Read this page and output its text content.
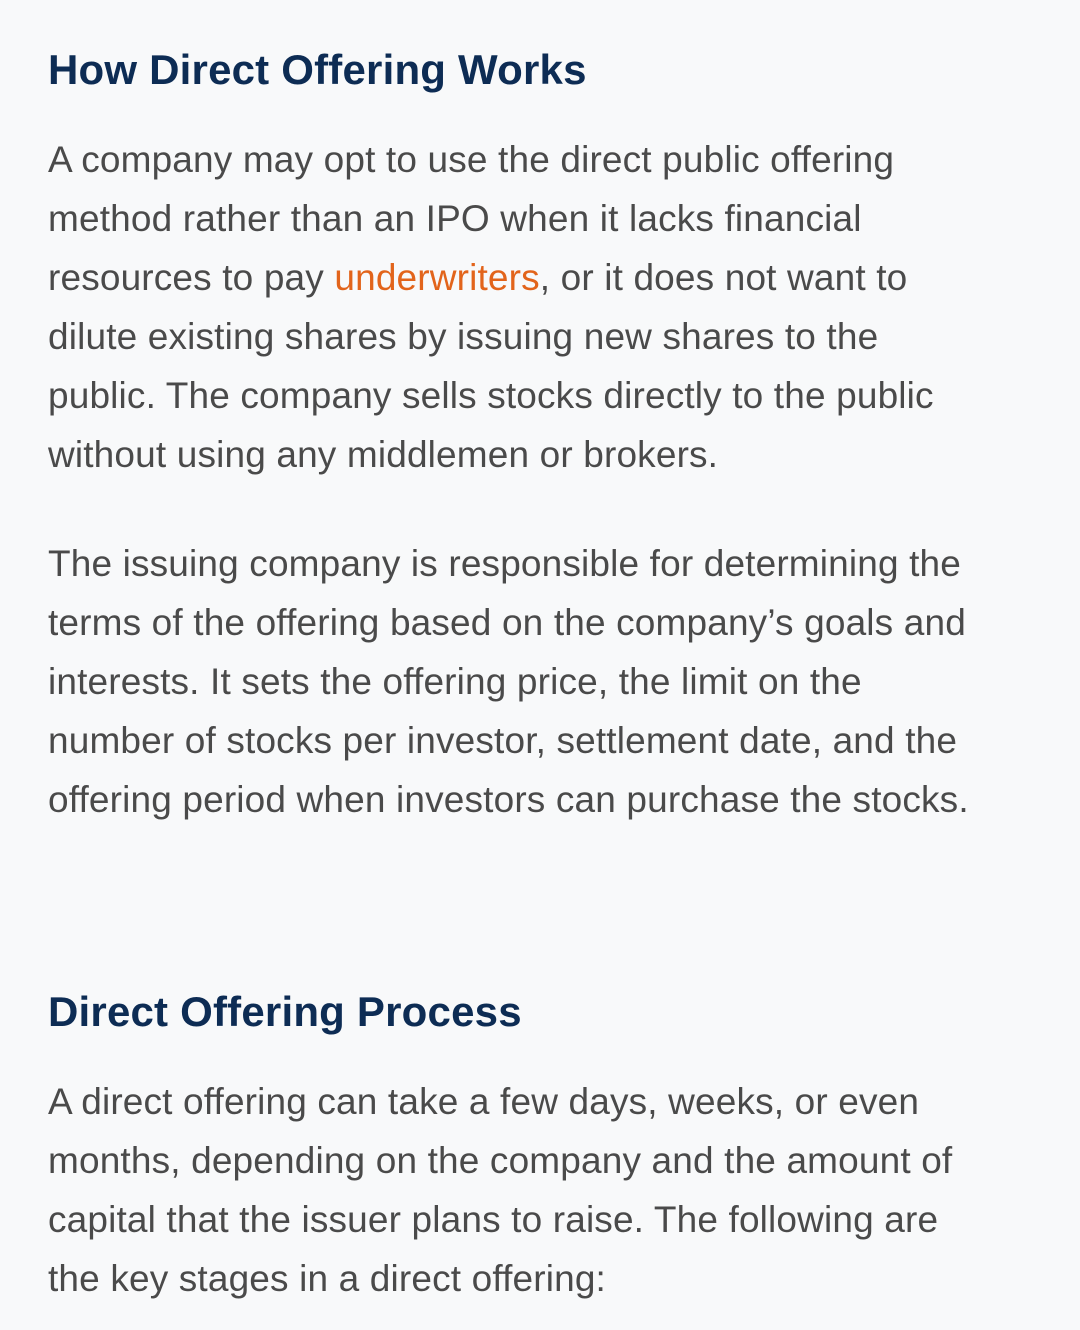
How Direct Offering Works

A company may opt to use the direct public offering
method rather than an IPO when it lacks financial
resources to pay underwriters, or it does not want to
dilute existing shares by issuing new shares to the
public. The company sells stocks directly to the public
without using any middlemen or brokers.

The issuing company is responsible for determining the
terms of the offering based on the company’s goals and
interests. It sets the offering price, the limit on the
number of stocks per investor, settlement date, and the
offering period when investors can purchase the stocks.

Direct Offering Process

A direct offering can take a few days, weeks, or even
months, depending on the company and the amount of
capital that the issuer plans to raise. The following are
the key stages in a direct offering:
